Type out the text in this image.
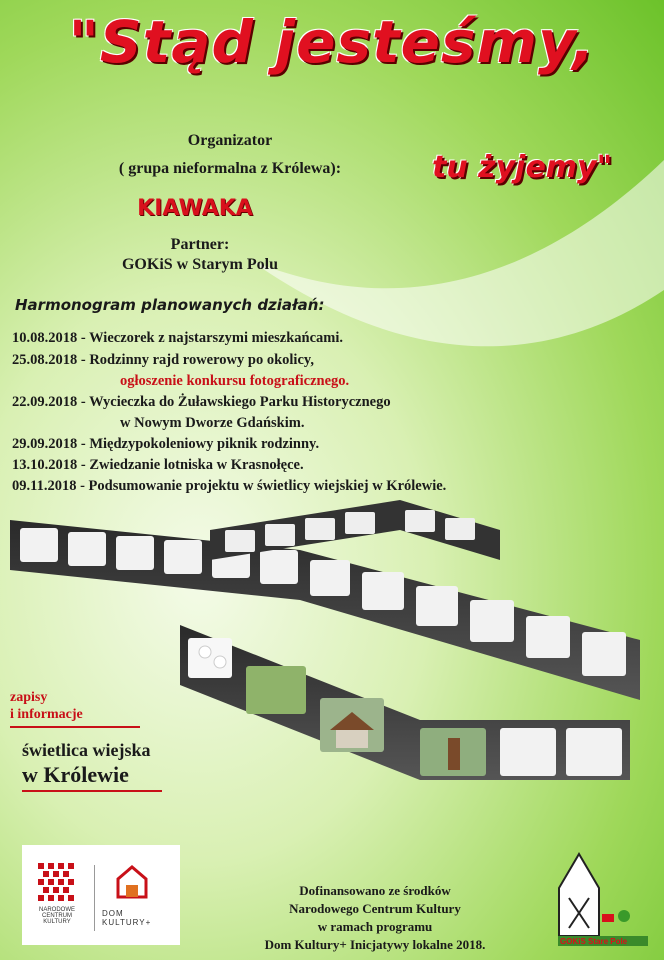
"Stąd jesteśmy,
tu żyjemy"
Organizator
( grupa nieformalna z Królewa):
KIAWAKA
Partner:
GOKiS w Starym Polu
Harmonogram planowanych działań:
10.08.2018 - Wieczorek z najstarszymi mieszkańcami.
25.08.2018 - Rodzinny rajd rowerowy po okolicy,
ogłoszenie konkursu fotograficznego.
22.09.2018 - Wycieczka do Żuławskiego Parku Historycznego
w Nowym Dworze Gdańskim.
29.09.2018 - Międzypokoleniowy piknik rodzinny.
13.10.2018 - Zwiedzanie lotniska w Krasnołęce.
09.11.2018 - Podsumowanie projektu w świetlicy wiejskiej w Królewie.
zapisy
i informacje
świetlica wiejska
w Królewie
NARODOWE CENTRUM KULTURY
DOM KULTURY+
Dofinansowano ze środków
Narodowego Centrum Kultury
w ramach programu
Dom Kultury+ Inicjatywy lokalne 2018.	GOKiS Stare Pole
